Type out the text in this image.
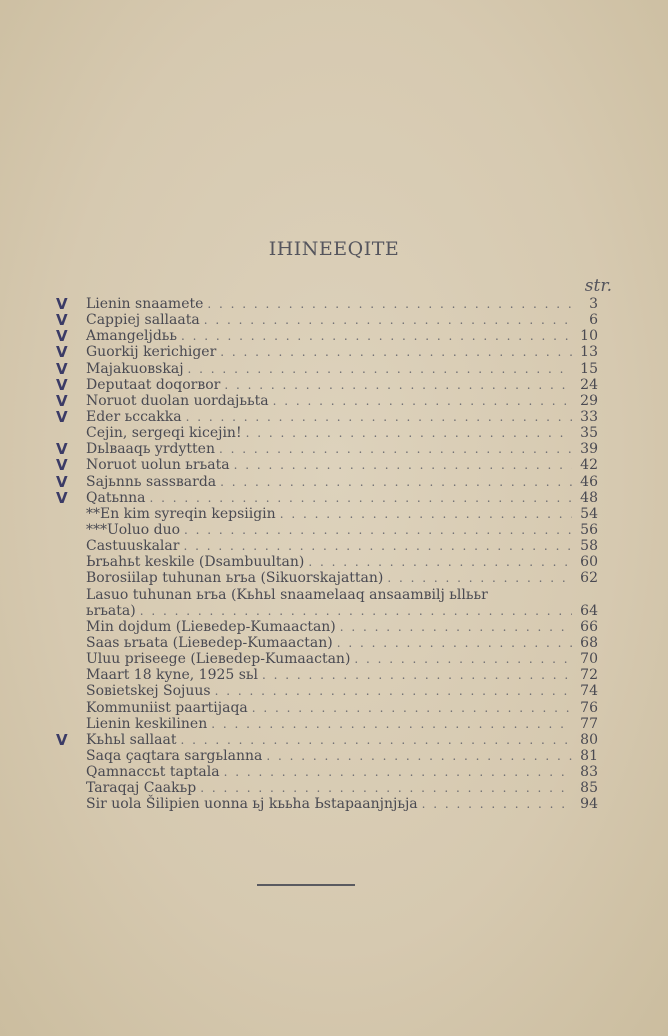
IHINEEQITE
str.
V Lienin snaamete . . .	3
V Cappiej sallaata . . .	6
V Amangeljdьь . . .	10
V Guorkij kerichiger . . .	13
V Majakuoвskaj . . .	15
V Deputaat doqorвor . . .	24
V Noruot duolan uordajььta . . .	29
V Eder ьccakka . . .	33
Cejin, sergeqi kicejin! . . .	35
V Dьlвaaqь yrdytten . . .	39
V Noruot uolun ьrьata . . .	42
V Sajьnnь sassвarda . . .	46
V Qatьnna . . .	48
**En kim syreqin kepsiigin . . .	54
***Uoluo duo . . .	56
Castuuskalar . . .	58
Ьrьahьt keskile (Dsambuultan) . . .	60
Borosiilap tuhunan ьrьa (Sikuorskajattan) . . .	62
Lasuo tuhunan ьrьa (Kьhьl snaamelaaq ansaamвilj ьllььr
ьrьata) . . .	64
Min dojdum (Lieвedep-Kumaactan) . . .	66
Saas ьrьata (Lieвedep-Kumaactan) . . .	68
Uluu priseege (Lieвedep-Kumaactan) . . .	70
Maart 18 kyne, 1925 sьl . . .	72
Soвietskej Sojuus . . .	74
Kommuniist paartijaqa . . .	76
Lienin keskilinen . . .	77
V Kьhьl sallaat . . .	80
Saqa çaqtara sargьlanna . . .	81
Qamnaccьt taptala . . .	83
Taraqaj Caakьp . . .	85
Sir uola Šilipien uonna ьj kььha Ьstapaanjnjьja . . .	94
